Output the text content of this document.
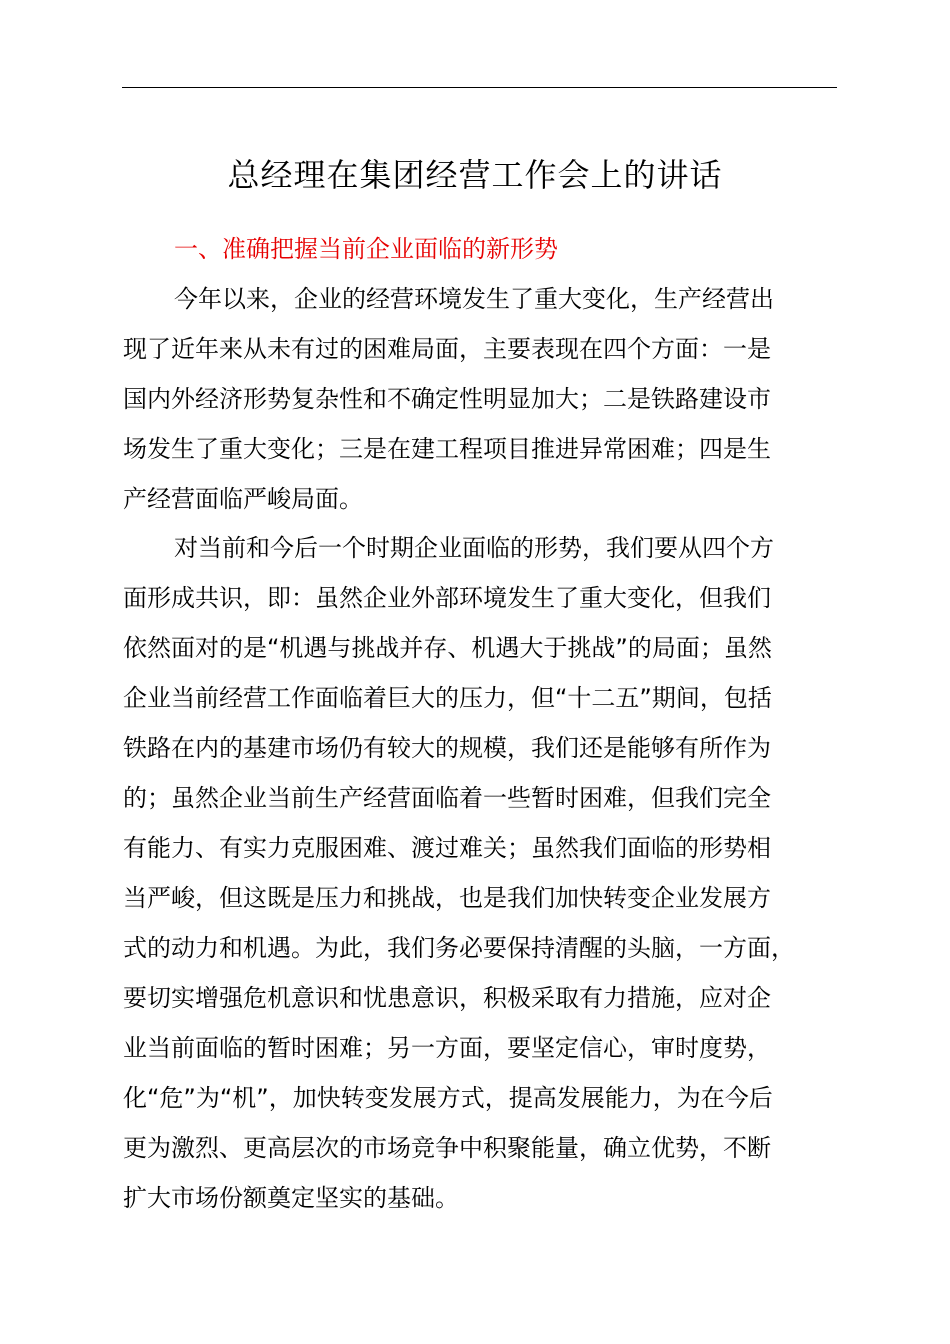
总经理在集团经营工作会上的讲话
一、准确把握当前企业面临的新形势
今年以来，企业的经营环境发生了重大变化，生产经营出
现了近年来从未有过的困难局面，主要表现在四个方面：一是
国内外经济形势复杂性和不确定性明显加大；二是铁路建设市
场发生了重大变化；三是在建工程项目推进异常困难；四是生
产经营面临严峻局面。
对当前和今后一个时期企业面临的形势，我们要从四个方
面形成共识，即：虽然企业外部环境发生了重大变化，但我们
依然面对的是“机遇与挑战并存、机遇大于挑战”的局面；虽然
企业当前经营工作面临着巨大的压力，但“十二五”期间，包括
铁路在内的基建市场仍有较大的规模，我们还是能够有所作为
的；虽然企业当前生产经营面临着一些暂时困难，但我们完全
有能力、有实力克服困难、渡过难关；虽然我们面临的形势相
当严峻，但这既是压力和挑战，也是我们加快转变企业发展方
式的动力和机遇。为此，我们务必要保持清醒的头脑，一方面，
要切实增强危机意识和忧患意识，积极采取有力措施，应对企
业当前面临的暂时困难；另一方面，要坚定信心，审时度势，
化“危”为“机”，加快转变发展方式，提高发展能力，为在今后
更为激烈、更高层次的市场竞争中积聚能量，确立优势，不断
扩大市场份额奠定坚实的基础。
